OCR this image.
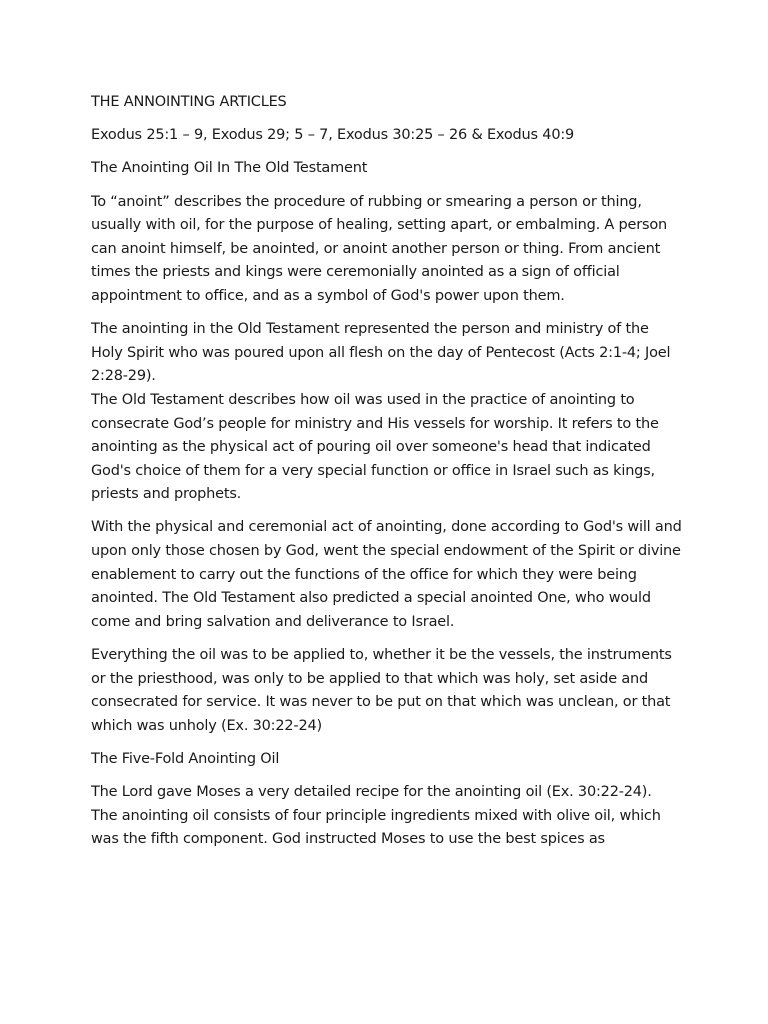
THE ANNOINTING ARTICLES

Exodus 25:1 – 9, Exodus 29; 5 – 7, Exodus 30:25 – 26 & Exodus 40:9

The Anointing Oil In The Old Testament

To “anoint” describes the procedure of rubbing or smearing a person or thing,
usually with oil, for the purpose of healing, setting apart, or embalming. A person
can anoint himself, be anointed, or anoint another person or thing. From ancient
times the priests and kings were ceremonially anointed as a sign of official
appointment to office, and as a symbol of God's power upon them.

The anointing in the Old Testament represented the person and ministry of the
Holy Spirit who was poured upon all flesh on the day of Pentecost (Acts 2:1-4; Joel
2:28-29).

The Old Testament describes how oil was used in the practice of anointing to
consecrate God’s people for ministry and His vessels for worship. It refers to the
anointing as the physical act of pouring oil over someone's head that indicated
God's choice of them for a very special function or office in Israel such as kings,
priests and prophets.

With the physical and ceremonial act of anointing, done according to God's will and
upon only those chosen by God, went the special endowment of the Spirit or divine
enablement to carry out the functions of the office for which they were being
anointed. The Old Testament also predicted a special anointed One, who would
come and bring salvation and deliverance to Israel.

Everything the oil was to be applied to, whether it be the vessels, the instruments
or the priesthood, was only to be applied to that which was holy, set aside and
consecrated for service. It was never to be put on that which was unclean, or that
which was unholy (Ex. 30:22-24)

The Five-Fold Anointing Oil

The Lord gave Moses a very detailed recipe for the anointing oil (Ex. 30:22-24).
The anointing oil consists of four principle ingredients mixed with olive oil, which
was the fifth component. God instructed Moses to use the best spices as
